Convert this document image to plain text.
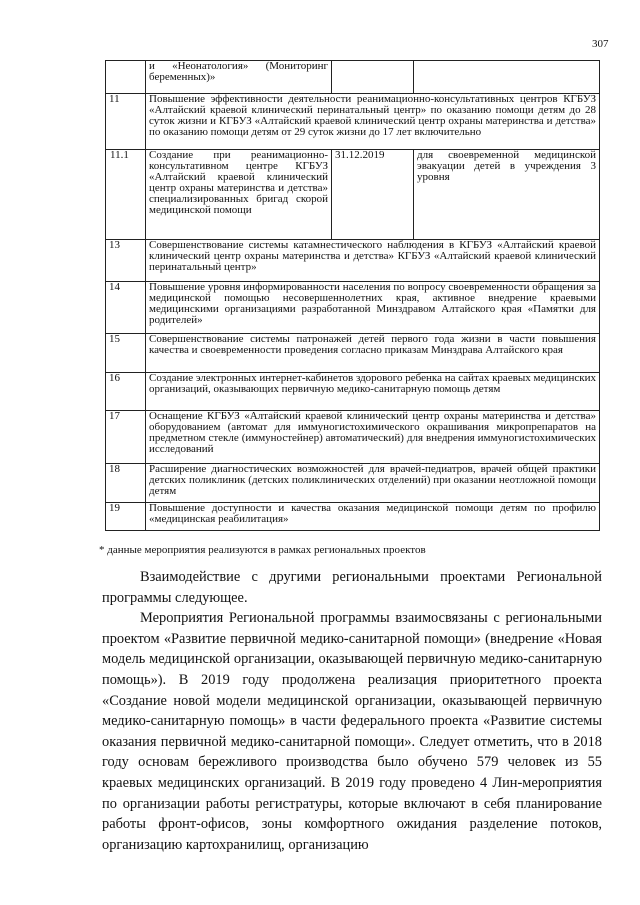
307
	и «Неонатология» (Мониторинг беременных)»		
11	Повышение эффективности деятельности реанимационно-консультативных центров КГБУЗ «Алтайский краевой клинический перинатальный центр» по оказанию помощи детям до 28 суток жизни и КГБУЗ «Алтайский краевой клинический центр охраны материнства и детства» по оказанию помощи детям от 29 суток жизни до 17 лет включительно		
11.1	Создание при реанимационно-консультативном центре КГБУЗ «Алтайский краевой клинический центр охраны материнства и детства» специализированных бригад скорой медицинской помощи	31.12.2019	для своевременной медицинской эвакуации детей в учреждения 3 уровня
13	Совершенствование системы катамнестического наблюдения в КГБУЗ «Алтайский краевой клинический центр охраны материнства и детства» КГБУЗ «Алтайский краевой клинический перинатальный центр»		
14	Повышение уровня информированности населения по вопросу своевременности обращения за медицинской помощью несовершеннолетних края, активное внедрение краевыми медицинскими организациями разработанной Минздравом Алтайского края «Памятки для родителей»		
15	Совершенствование системы патронажей детей первого года жизни в части повышения качества и своевременности проведения согласно приказам Минздрава Алтайского края		
16	Создание электронных интернет-кабинетов здорового ребенка на сайтах краевых медицинских организаций, оказывающих первичную медико-санитарную помощь детям		
17	Оснащение КГБУЗ «Алтайский краевой клинический центр охраны материнства и детства» оборудованием (автомат для иммуногистохимического окрашивания микропрепаратов на предметном стекле (иммуностейнер) автоматический) для внедрения иммуногистохимических исследований		
18	Расширение диагностических возможностей для врачей-педиатров, врачей общей практики детских поликлиник (детских поликлинических отделений) при оказании неотложной помощи детям		
19	Повышение доступности и качества оказания медицинской помощи детям по профилю «медицинская реабилитация»		
* данные мероприятия реализуются в рамках региональных проектов

Взаимодействие с другими региональными проектами Региональной программы следующее.

Мероприятия Региональной программы взаимосвязаны с региональными проектом «Развитие первичной медико-санитарной помощи» (внедрение «Новая модель медицинской организации, оказывающей первичную медико-санитарную помощь»). В 2019 году продолжена реализация приоритетного проекта «Создание новой модели медицинской организации, оказывающей первичную медико-санитарную помощь» в части федерального проекта «Развитие системы оказания первичной медико-санитарной помощи». Следует отметить, что в 2018 году основам бережливого производства было обучено 579 человек из 55 краевых медицинских организаций. В 2019 году проведено 4 Лин-мероприятия по организации работы регистратуры, которые включают в себя планирование работы фронт-офисов, зоны комфортного ожидания разделение потоков, организацию картохранилищ, организацию
